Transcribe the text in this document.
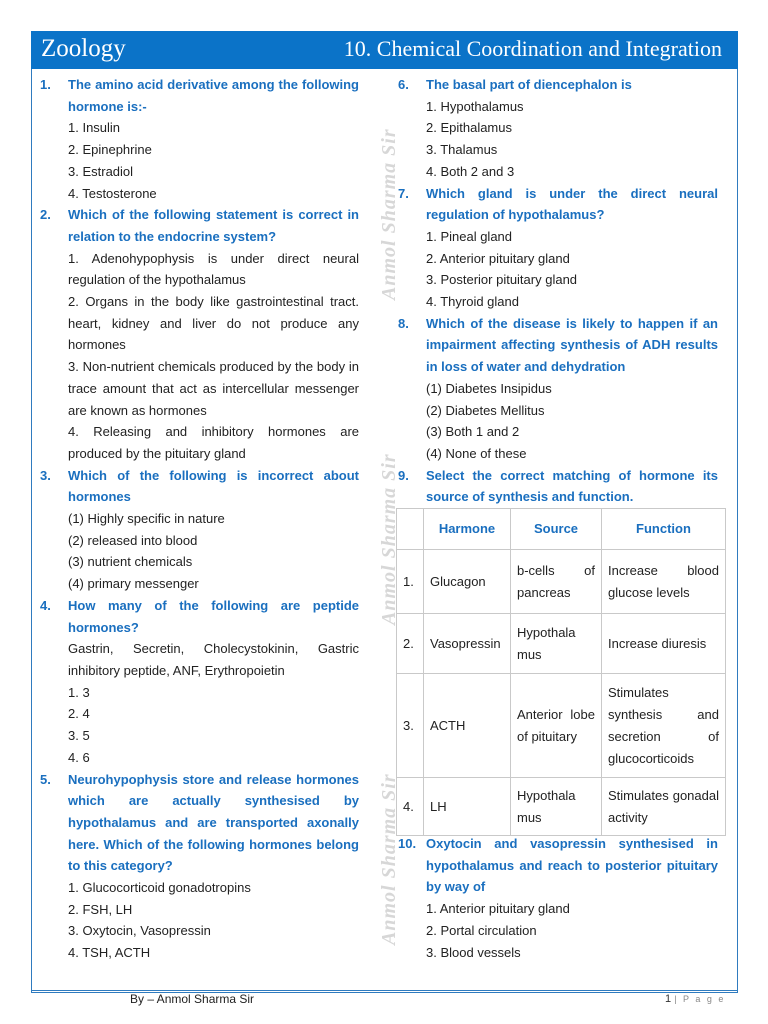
Zoology	10. Chemical Coordination and Integration
Anmol Sharma Sir
Anmol Sharma Sir
Anmol Sharma Sir
1.	The amino acid derivative among the following hormone is:-
1. Insulin
2. Epinephrine
3. Estradiol
4. Testosterone
2.	Which of the following statement is correct in relation to the endocrine system?
1. Adenohypophysis is under direct neural regulation of the hypothalamus
2. Organs in the body like gastrointestinal tract. heart, kidney and liver do not produce any hormones
3. Non-nutrient chemicals produced by the body in trace amount that act as intercellular messenger are known as hormones
4. Releasing and inhibitory hormones are produced by the pituitary gland
3.	Which of the following is incorrect about hormones
(1) Highly specific in nature
(2) released into blood
(3) nutrient chemicals
(4) primary messenger
4.	How many of the following are peptide hormones?
Gastrin, Secretin, Cholecystokinin, Gastric inhibitory peptide, ANF, Erythropoietin
1. 3
2. 4
3. 5
4. 6
5.	Neurohypophysis store and release hormones which are actually synthesised by hypothalamus and are transported axonally here. Which of the following hormones belong to this category?
1. Glucocorticoid gonadotropins
2. FSH, LH
3. Oxytocin, Vasopressin
4. TSH, ACTH
6.	The basal part of diencephalon is
1. Hypothalamus
2. Epithalamus
3. Thalamus
4. Both 2 and 3
7.	Which gland is under the direct neural regulation of hypothalamus?
1. Pineal gland
2. Anterior pituitary gland
3. Posterior pituitary gland
4. Thyroid gland
8.	Which of the disease is likely to happen if an impairment affecting synthesis of ADH results in loss of water and dehydration
(1) Diabetes Insipidus
(2) Diabetes Mellitus
(3) Both 1 and 2
(4) None of these
9.	Select the correct matching of hormone its source of synthesis and function.
	Harmone	Source	Function
1.	Glucagon	b-cells of pancreas	Increase blood glucose levels
2.	Vasopressin	Hypothala mus	Increase diuresis
3.	ACTH	Anterior lobe of pituitary	Stimulates synthesis and secretion of glucocorticoids
4.	LH	Hypothala mus	Stimulates gonadal activity
10. Oxytocin and vasopressin synthesised in hypothalamus and reach to posterior pituitary by way of
1. Anterior pituitary gland
2. Portal circulation
3. Blood vessels
By – Anmol Sharma Sir	1 | P a g e
